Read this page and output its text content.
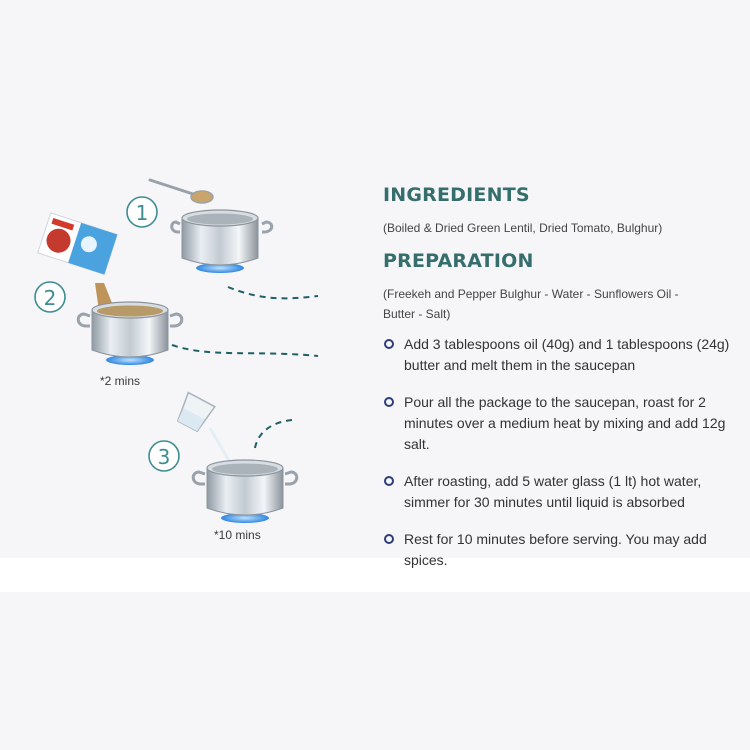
1
2
3
*2 mins
*10 mins
INGREDIENTS

(Boiled & Dried Green Lentil, Dried Tomato, Bulghur)

PREPARATION

(Freekeh and Pepper Bulghur - Water - Sunflowers Oil - Butter - Salt)

Add 3 tablespoons oil (40g) and 1 tablespoons (24g) butter and melt them in the saucepan
Pour all the package to the saucepan, roast for 2 minutes over a medium heat by mixing and add 12g salt.
After roasting, add 5 water glass (1 lt) hot water, simmer for 30 minutes until liquid is absorbed
Rest for 10 minutes before serving. You may add spices.
